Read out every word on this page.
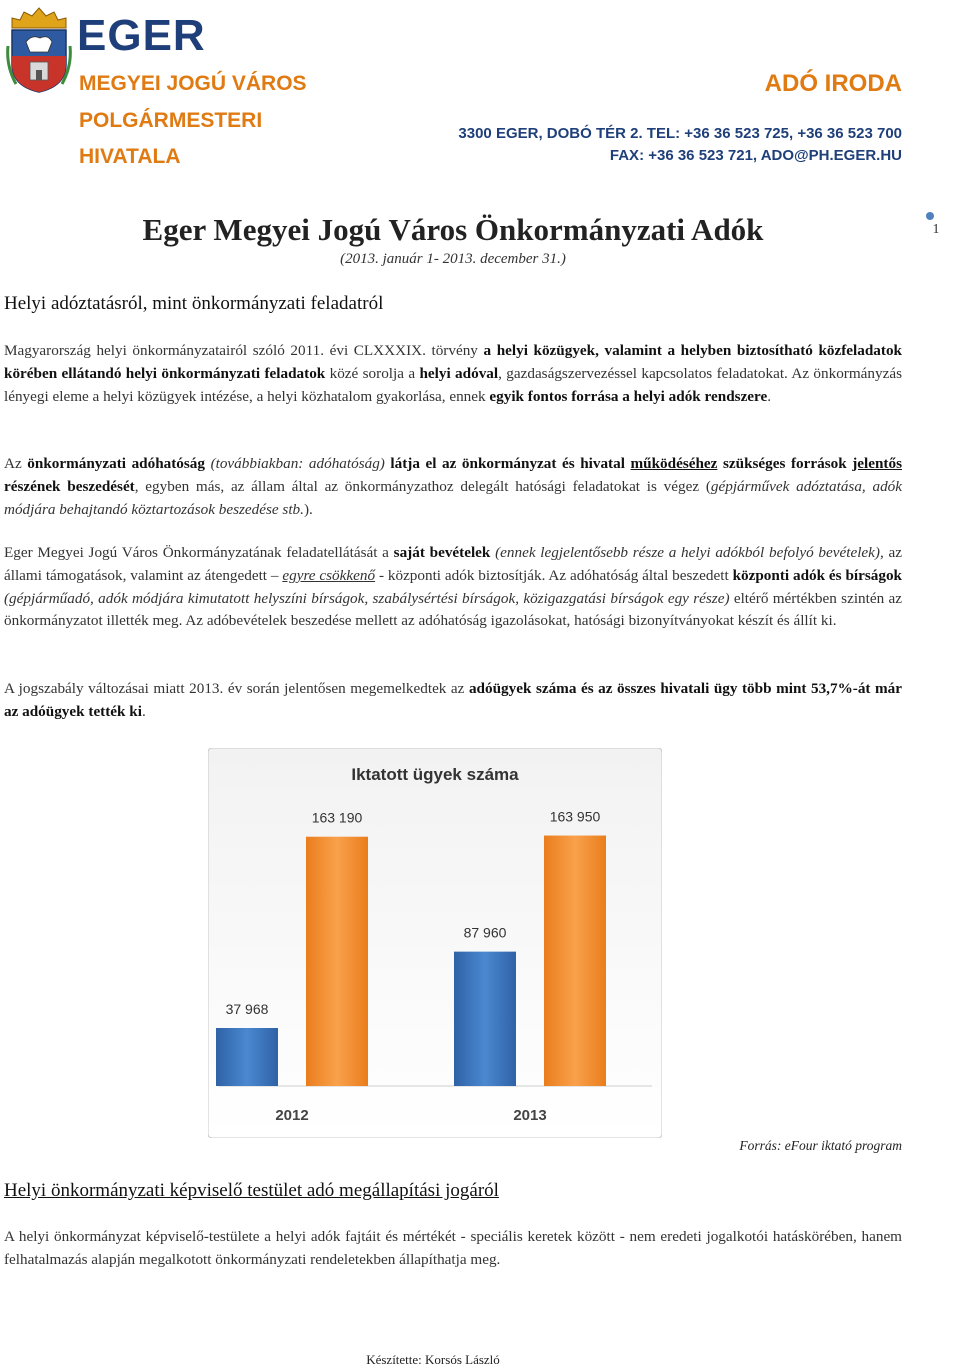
EGER
MEGYEI JOGÚ VÁROS
POLGÁRMESTERI
HIVATALA
ADÓ IRODA
3300 EGER, DOBÓ TÉR 2. TEL: +36 36 523 725, +36 36 523 700
FAX: +36 36 523 721, ADO@PH.EGER.HU
Eger Megyei Jogú Város Önkormányzati Adók
(2013. január 1- 2013. december 31.)
1
Helyi adóztatásról, mint önkormányzati feladatról
Magyarország helyi önkormányzatairól szóló 2011. évi CLXXXIX. törvény a helyi közügyek, valamint a helyben biztosítható közfeladatok körében ellátandó helyi önkormányzati feladatok közé sorolja a helyi adóval, gazdaságszervezéssel kapcsolatos feladatokat. Az önkormányzás lényegi eleme a helyi közügyek intézése, a helyi közhatalom gyakorlása, ennek egyik fontos forrása a helyi adók rendszere.
Az önkormányzati adóhatóság (továbbiakban: adóhatóság) látja el az önkormányzat és hivatal működéséhez szükséges források jelentős részének beszedését, egyben más, az állam által az önkormányzathoz delegált hatósági feladatokat is végez (gépjárművek adóztatása, adók módjára behajtandó köztartozások beszedése stb.).
Eger Megyei Jogú Város Önkormányzatának feladatellátását a saját bevételek (ennek legjelentősebb része a helyi adókból befolyó bevételek), az állami támogatások, valamint az átengedett – egyre csökkenő - központi adók biztosítják. Az adóhatóság által beszedett központi adók és bírságok (gépjárműadó, adók módjára kimutatott helyszíni bírságok, szabálysértési bírságok, közigazgatási bírságok egy része) eltérő mértékben szintén az önkormányzatot illették meg. Az adóbevételek beszedése mellett az adóhatóság igazolásokat, hatósági bizonyítványokat készít és állít ki.
A jogszabály változásai miatt 2013. év során jelentősen megemelkedtek az adóügyek száma és az összes hivatali ügy több mint 53,7%-át már az adóügyek tették ki.
Iktatott ügyek száma
37 968
163 190
2012
87 960
163 950
2013
Forrás: eFour iktató program
Helyi önkormányzati képviselő testület adó megállapítási jogáról
A helyi önkormányzat képviselő-testülete a helyi adók fajtáit és mértékét - speciális keretek között - nem eredeti jogalkotói hatáskörében, hanem felhatalmazás alapján megalkotott önkormányzati rendeletekben állapíthatja meg.
Készítette: Korsós László
